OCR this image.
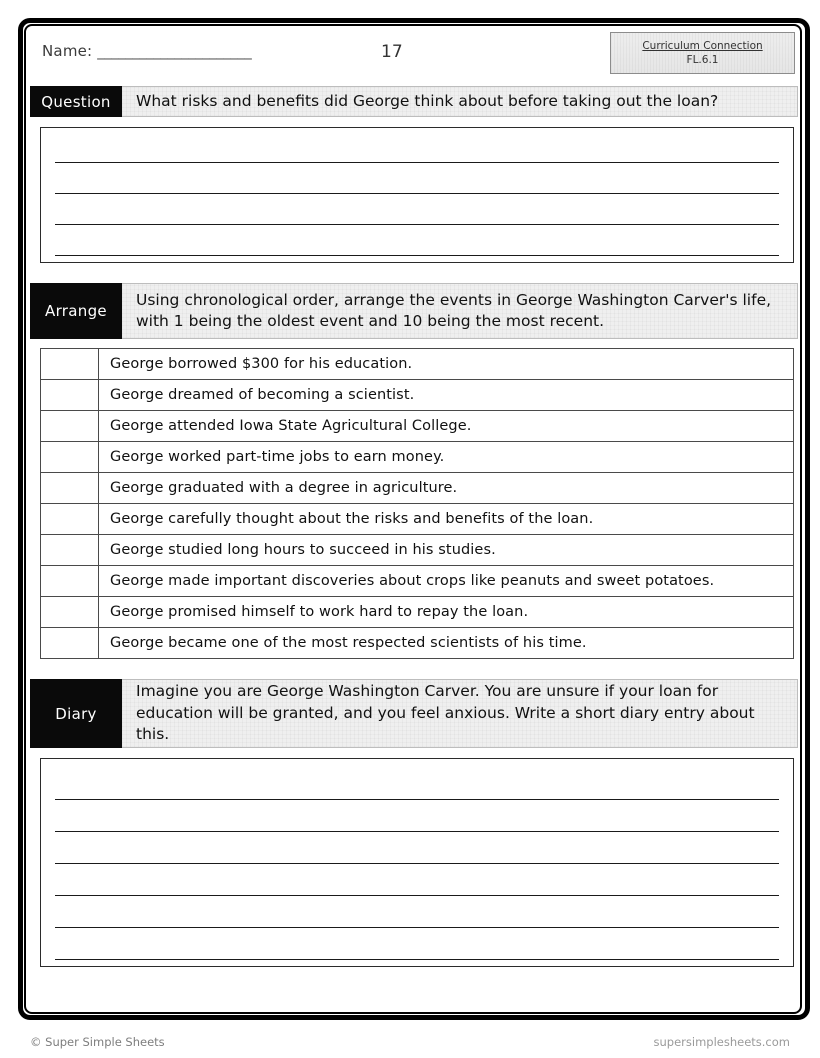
Name: ______________________	17	Curriculum Connection
FL.6.1
Question	What risks and benefits did George think about before taking out the loan?
Arrange
Using chronological order, arrange the events in George Washington Carver's life, with 1 being the oldest event and 10 being the most recent.
	George borrowed $300 for his education.
	George dreamed of becoming a scientist.
	George attended Iowa State Agricultural College.
	George worked part-time jobs to earn money.
	George graduated with a degree in agriculture.
	George carefully thought about the risks and benefits of the loan.
	George studied long hours to succeed in his studies.
	George made important discoveries about crops like peanuts and sweet potatoes.
	George promised himself to work hard to repay the loan.
	George became one of the most respected scientists of his time.
Diary
Imagine you are George Washington Carver. You are unsure if your loan for education will be granted, and you feel anxious. Write a short diary entry about this.
© Super Simple Sheets	supersimplesheets.com
